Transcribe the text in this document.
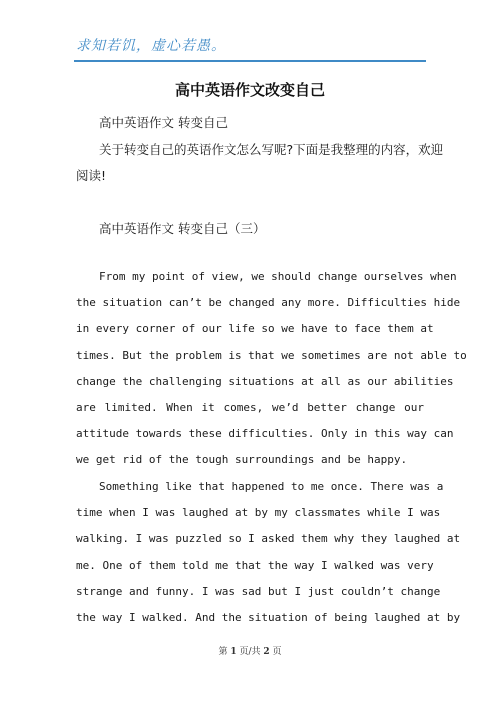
求知若饥，虚心若愚。
高中英语作文改变自己
高中英语作文 转变自己
关于转变自己的英语作文怎么写呢?下面是我整理的内容，欢迎
阅读!
高中英语作文 转变自己（三）
From my point of view, we should change ourselves when
the situation can’t be changed any more. Difficulties hide
in every corner of our life so we have to face them at
times. But the problem is that we sometimes are not able to
change the challenging situations at all as our abilities
are limited. When it comes, we’d better change our
attitude towards these difficulties. Only in this way can
we get rid of the tough surroundings and be happy.
Something like that happened to me once. There was a
time when I was laughed at by my classmates while I was
walking. I was puzzled so I asked them why they laughed at
me. One of them told me that the way I walked was very
strange and funny. I was sad but I just couldn’t change
the way I walked. And the situation of being laughed at by
第 1 页/共 2 页
